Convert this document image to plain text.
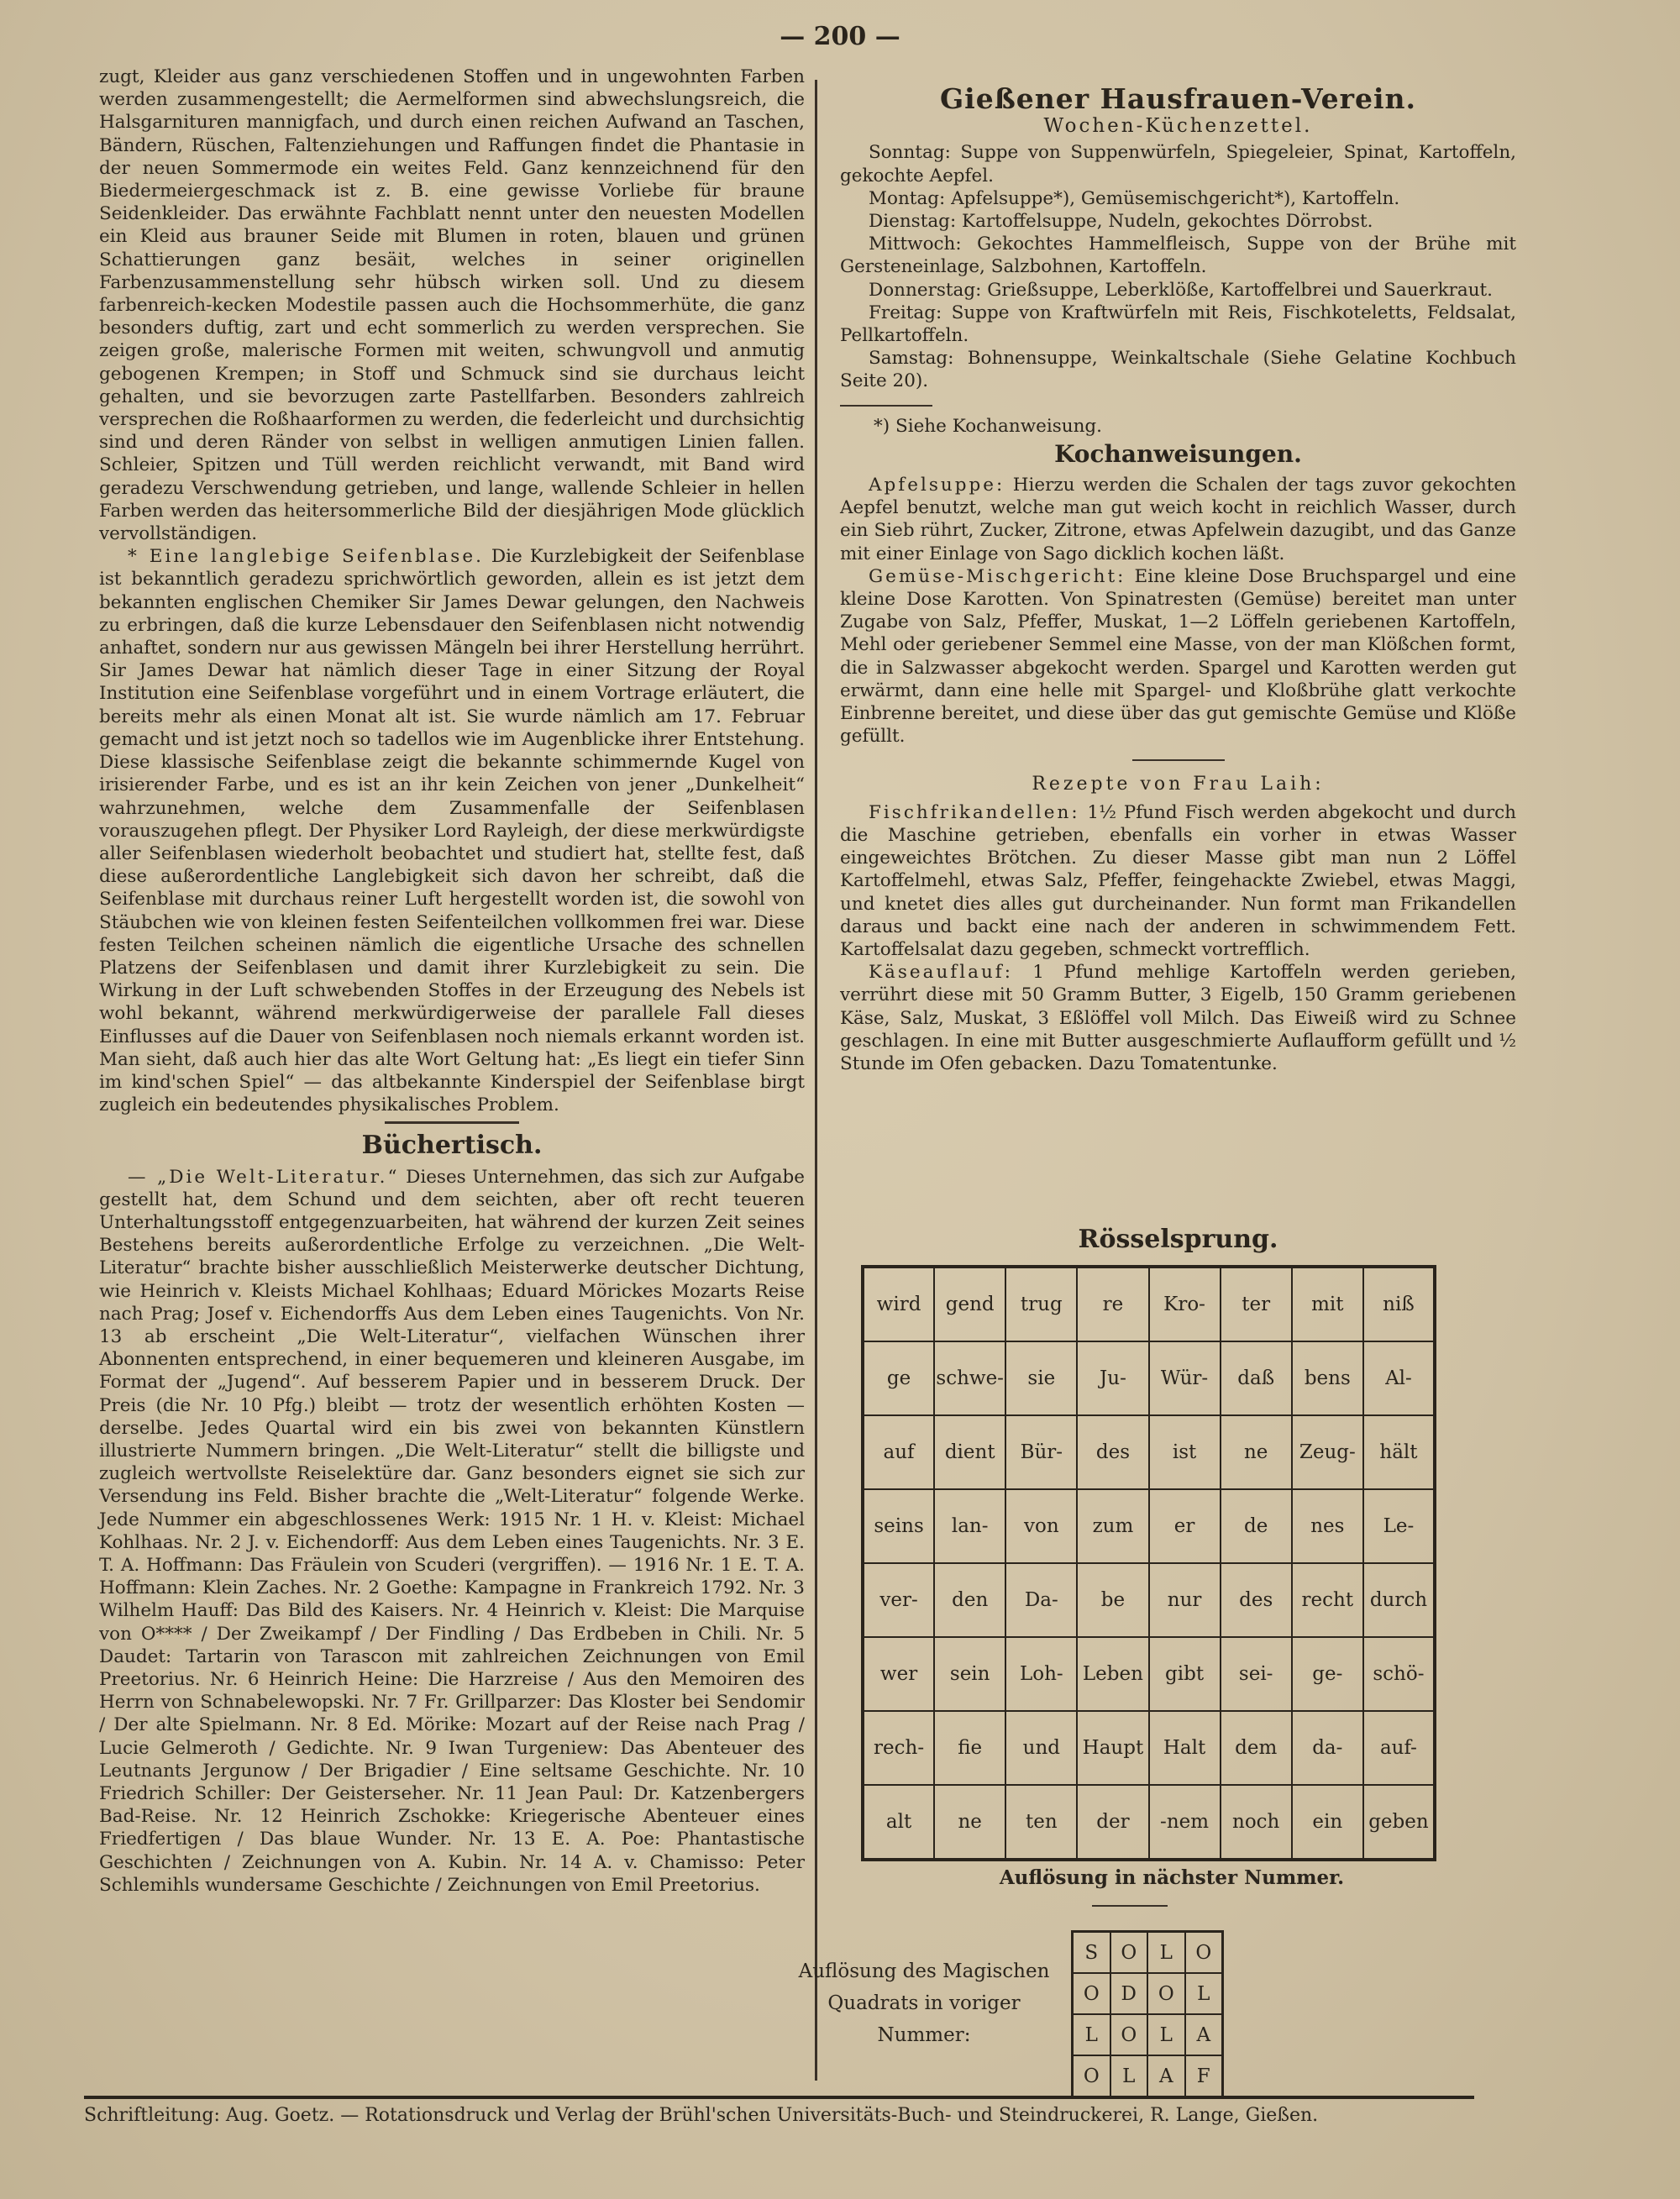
— 200 —

zugt, Kleider aus ganz verschiedenen Stoffen und in ungewohnten Farben werden zusammengestellt; die Aermelformen sind abwechslungsreich, die Halsgarnituren mannigfach, und durch einen reichen Aufwand an Taschen, Bändern, Rüschen, Faltenziehungen und Raffungen findet die Phantasie in der neuen Sommermode ein weites Feld. Ganz kennzeichnend für den Biedermeiergeschmack ist z. B. eine gewisse Vorliebe für braune Seidenkleider. Das erwähnte Fachblatt nennt unter den neuesten Modellen ein Kleid aus brauner Seide mit Blumen in roten, blauen und grünen Schattierungen ganz besäit, welches in seiner originellen Farbenzusammenstellung sehr hübsch wirken soll. Und zu diesem farbenreich-kecken Modestile passen auch die Hochsommerhüte, die ganz besonders duftig, zart und echt sommerlich zu werden versprechen. Sie zeigen große, malerische Formen mit weiten, schwungvoll und anmutig gebogenen Krempen; in Stoff und Schmuck sind sie durchaus leicht gehalten, und sie bevorzugen zarte Pastellfarben. Besonders zahlreich versprechen die Roßhaarformen zu werden, die federleicht und durchsichtig sind und deren Ränder von selbst in welligen anmutigen Linien fallen. Schleier, Spitzen und Tüll werden reichlicht verwandt, mit Band wird geradezu Verschwendung getrieben, und lange, wallende Schleier in hellen Farben werden das heitersommerliche Bild der diesjährigen Mode glücklich vervollständigen.

* Eine langlebige Seifenblase. Die Kurzlebigkeit der Seifenblase ist bekanntlich geradezu sprichwörtlich geworden, allein es ist jetzt dem bekannten englischen Chemiker Sir James Dewar gelungen, den Nachweis zu erbringen, daß die kurze Lebensdauer den Seifenblasen nicht notwendig anhaftet, sondern nur aus gewissen Mängeln bei ihrer Herstellung herrührt. Sir James Dewar hat nämlich dieser Tage in einer Sitzung der Royal Institution eine Seifenblase vorgeführt und in einem Vortrage erläutert, die bereits mehr als einen Monat alt ist. Sie wurde nämlich am 17. Februar gemacht und ist jetzt noch so tadellos wie im Augenblicke ihrer Entstehung. Diese klassische Seifenblase zeigt die bekannte schimmernde Kugel von irisierender Farbe, und es ist an ihr kein Zeichen von jener „Dunkelheit“ wahrzunehmen, welche dem Zusammenfalle der Seifenblasen vorauszugehen pflegt. Der Physiker Lord Rayleigh, der diese merkwürdigste aller Seifenblasen wiederholt beobachtet und studiert hat, stellte fest, daß diese außerordentliche Langlebigkeit sich davon her schreibt, daß die Seifenblase mit durchaus reiner Luft hergestellt worden ist, die sowohl von Stäubchen wie von kleinen festen Seifenteilchen vollkommen frei war. Diese festen Teilchen scheinen nämlich die eigentliche Ursache des schnellen Platzens der Seifenblasen und damit ihrer Kurzlebigkeit zu sein. Die Wirkung in der Luft schwebenden Stoffes in der Erzeugung des Nebels ist wohl bekannt, während merkwürdigerweise der parallele Fall dieses Einflusses auf die Dauer von Seifenblasen noch niemals erkannt worden ist. Man sieht, daß auch hier das alte Wort Geltung hat: „Es liegt ein tiefer Sinn im kind'schen Spiel“ — das altbekannte Kinderspiel der Seifenblase birgt zugleich ein bedeutendes physikalisches Problem.

Büchertisch.

— „Die Welt-Literatur.“ Dieses Unternehmen, das sich zur Aufgabe gestellt hat, dem Schund und dem seichten, aber oft recht teueren Unterhaltungsstoff entgegenzuarbeiten, hat während der kurzen Zeit seines Bestehens bereits außerordentliche Erfolge zu verzeichnen. „Die Welt-Literatur“ brachte bisher ausschließlich Meisterwerke deutscher Dichtung, wie Heinrich v. Kleists Michael Kohlhaas; Eduard Mörickes Mozarts Reise nach Prag; Josef v. Eichendorffs Aus dem Leben eines Taugenichts. Von Nr. 13 ab erscheint „Die Welt-Literatur“, vielfachen Wünschen ihrer Abonnenten entsprechend, in einer bequemeren und kleineren Ausgabe, im Format der „Jugend“. Auf besserem Papier und in besserem Druck. Der Preis (die Nr. 10 Pfg.) bleibt — trotz der wesentlich erhöhten Kosten — derselbe. Jedes Quartal wird ein bis zwei von bekannten Künstlern illustrierte Nummern bringen. „Die Welt-Literatur“ stellt die billigste und zugleich wertvollste Reiselektüre dar. Ganz besonders eignet sie sich zur Versendung ins Feld. Bisher brachte die „Welt-Literatur“ folgende Werke. Jede Nummer ein abgeschlossenes Werk: 1915 Nr. 1 H. v. Kleist: Michael Kohlhaas. Nr. 2 J. v. Eichendorff: Aus dem Leben eines Taugenichts. Nr. 3 E. T. A. Hoffmann: Das Fräulein von Scuderi (vergriffen). — 1916 Nr. 1 E. T. A. Hoffmann: Klein Zaches. Nr. 2 Goethe: Kampagne in Frankreich 1792. Nr. 3 Wilhelm Hauff: Das Bild des Kaisers. Nr. 4 Heinrich v. Kleist: Die Marquise von O**** / Der Zweikampf / Der Findling / Das Erdbeben in Chili. Nr. 5 Daudet: Tartarin von Tarascon mit zahlreichen Zeichnungen von Emil Preetorius. Nr. 6 Heinrich Heine: Die Harzreise / Aus den Memoiren des Herrn von Schnabelewopski. Nr. 7 Fr. Grillparzer: Das Kloster bei Sendomir / Der alte Spielmann. Nr. 8 Ed. Mörike: Mozart auf der Reise nach Prag / Lucie Gelmeroth / Gedichte. Nr. 9 Iwan Turgeniew: Das Abenteuer des Leutnants Jergunow / Der Brigadier / Eine seltsame Geschichte. Nr. 10 Friedrich Schiller: Der Geisterseher. Nr. 11 Jean Paul: Dr. Katzenbergers Bad-Reise. Nr. 12 Heinrich Zschokke: Kriegerische Abenteuer eines Friedfertigen / Das blaue Wunder. Nr. 13 E. A. Poe: Phantastische Geschichten / Zeichnungen von A. Kubin. Nr. 14 A. v. Chamisso: Peter Schlemihls wundersame Geschichte / Zeichnungen von Emil Preetorius.

Gießener Hausfrauen-Verein.
Wochen-Küchenzettel.

Sonntag: Suppe von Suppenwürfeln, Spiegeleier, Spinat, Kartoffeln, gekochte Aepfel.

Montag: Apfelsuppe*), Gemüsemischgericht*), Kartoffeln.

Dienstag: Kartoffelsuppe, Nudeln, gekochtes Dörrobst.

Mittwoch: Gekochtes Hammelfleisch, Suppe von der Brühe mit Gersteneinlage, Salzbohnen, Kartoffeln.

Donnerstag: Grießsuppe, Leberklöße, Kartoffelbrei und Sauerkraut.

Freitag: Suppe von Kraftwürfeln mit Reis, Fischkoteletts, Feldsalat, Pellkartoffeln.

Samstag: Bohnensuppe, Weinkaltschale (Siehe Gelatine Kochbuch Seite 20).

*) Siehe Kochanweisung.

Kochanweisungen.

Apfelsuppe: Hierzu werden die Schalen der tags zuvor gekochten Aepfel benutzt, welche man gut weich kocht in reichlich Wasser, durch ein Sieb rührt, Zucker, Zitrone, etwas Apfelwein dazugibt, und das Ganze mit einer Einlage von Sago dicklich kochen läßt.

Gemüse-Mischgericht: Eine kleine Dose Bruchspargel und eine kleine Dose Karotten. Von Spinatresten (Gemüse) bereitet man unter Zugabe von Salz, Pfeffer, Muskat, 1—2 Löffeln geriebenen Kartoffeln, Mehl oder geriebener Semmel eine Masse, von der man Klößchen formt, die in Salzwasser abgekocht werden. Spargel und Karotten werden gut erwärmt, dann eine helle mit Spargel- und Kloßbrühe glatt verkochte Einbrenne bereitet, und diese über das gut gemischte Gemüse und Klöße gefüllt.

Rezepte von Frau Laih:

Fischfrikandellen: 1½ Pfund Fisch werden abgekocht und durch die Maschine getrieben, ebenfalls ein vorher in etwas Wasser eingeweichtes Brötchen. Zu dieser Masse gibt man nun 2 Löffel Kartoffelmehl, etwas Salz, Pfeffer, feingehackte Zwiebel, etwas Maggi, und knetet dies alles gut durcheinander. Nun formt man Frikandellen daraus und backt eine nach der anderen in schwimmendem Fett. Kartoffelsalat dazu gegeben, schmeckt vortrefflich.

Käseauflauf: 1 Pfund mehlige Kartoffeln werden gerieben, verrührt diese mit 50 Gramm Butter, 3 Eigelb, 150 Gramm geriebenen Käse, Salz, Muskat, 3 Eßlöffel voll Milch. Das Eiweiß wird zu Schnee geschlagen. In eine mit Butter ausgeschmierte Auflaufform gefüllt und ½ Stunde im Ofen gebacken. Dazu Tomatentunke.

Rösselsprung.
wird	gend	trug	re	Kro-	ter	mit	niß
ge	schwe-	sie	Ju-	Wür-	daß	bens	Al-
auf	dient	Bür-	des	ist	ne	Zeug-	hält
seins	lan-	von	zum	er	de	nes	Le-
ver-	den	Da-	be	nur	des	recht	durch
wer	sein	Loh-	Leben	gibt	sei-	ge-	schö-
rech-	fie	und	Haupt	Halt	dem	da-	auf-
alt	ne	ten	der	-nem	noch	ein	geben
Auflösung in nächster Nummer.
Auflösung des Magischen
Quadrats in voriger
Nummer:
S	O	L	O
O	D	O	L
L	O	L	A
O	L	A	F
Schriftleitung: Aug. Goetz. — Rotationsdruck und Verlag der Brühl'schen Universitäts-Buch- und Steindruckerei, R. Lange, Gießen.
